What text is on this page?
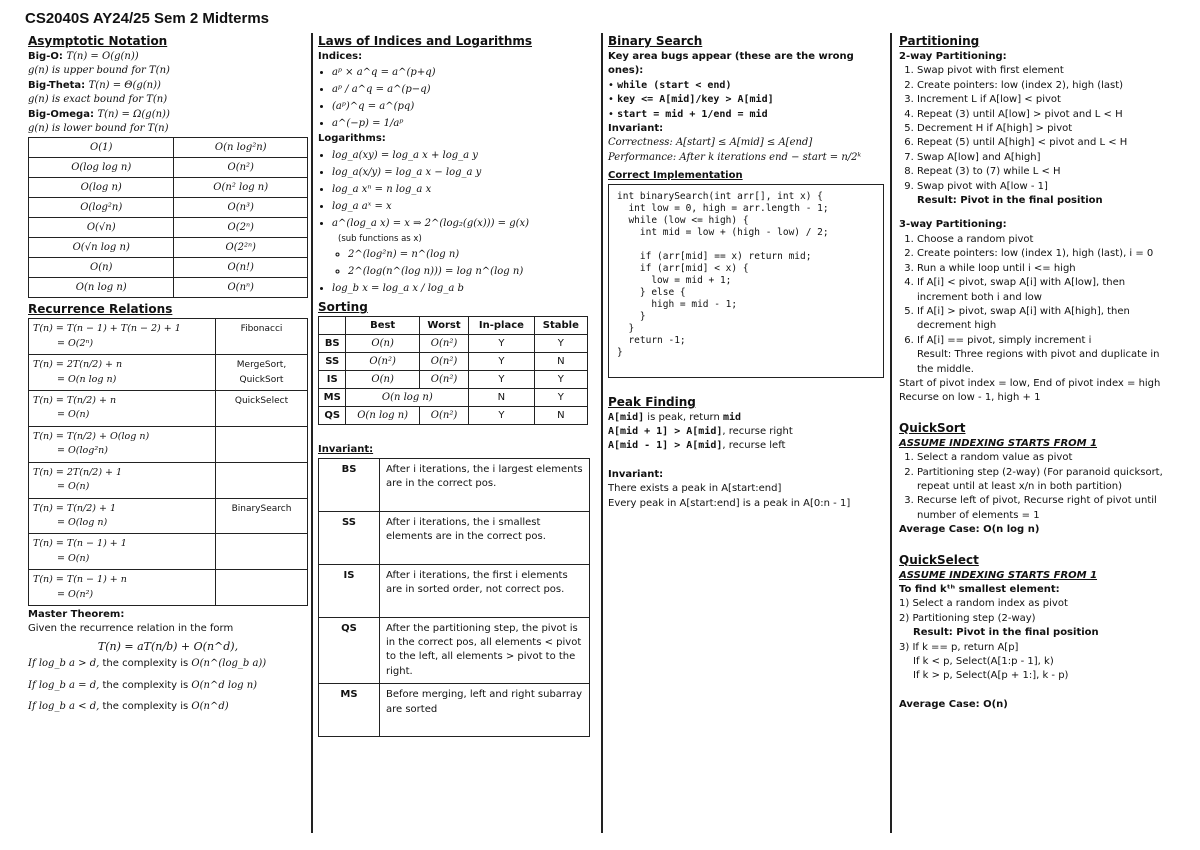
CS2040S AY24/25 Sem 2 Midterms
Asymptotic Notation
Big-O: T(n) = O(g(n))
g(n) is upper bound for T(n)
Big-Theta: T(n) = Θ(g(n))
g(n) is exact bound for T(n)
Big-Omega: T(n) = Ω(g(n))
g(n) is lower bound for T(n)
O(1)	O(n log²n)
O(log log n)	O(n²)
O(log n)	O(n² log n)
O(log²n)	O(n³)
O(√n)	O(2ⁿ)
O(√n log n)	O(2²ⁿ)
O(n)	O(n!)
O(n log n)	O(nⁿ)
Recurrence Relations
T(n) = T(n − 1) + T(n − 2) + 1
= O(2ⁿ)	Fibonacci

T(n) = 2T(n/2) + n
= O(n log n)	MergeSort, QuickSort

T(n) = T(n/2) + n
= O(n)	QuickSelect

T(n) = T(n/2) + O(log n)
= O(log²n)	

T(n) = 2T(n/2) + 1
= O(n)	

T(n) = T(n/2) + 1
= O(log n)	BinarySearch

T(n) = T(n − 1) + 1
= O(n)	

T(n) = T(n − 1) + n
= O(n²)	

Master Theorem:
Given the recurrence relation in the form
T(n) = aT(n/b) + O(n^d),
If log_b a > d, the complexity is O(n^(log_b a))
If log_b a = d, the complexity is O(n^d log n)
If log_b a < d, the complexity is O(n^d)
Laws of Indices and Logarithms
Indices:
• aᵖ × a^q = a^(p+q)
• aᵖ / a^q = a^(p−q)
• (aᵖ)^q = a^(pq)
• a^(−p) = 1/aᵖ
Logarithms:
• log_a(xy) = log_a x + log_a y
• log_a(x/y) = log_a x − log_a y
• log_a xⁿ = n log_a x
• log_a aˣ = x
• a^(log_a x) = x ⇒ 2^(log₂(g(x))) = g(x)
(sub functions as x)
◦ 2^(log²n) = n^(log n)
◦ 2^(log(n^(log n))) = log n^(log n)
• log_b x = log_a x / log_a b
Sorting
	Best	Worst	In-place	Stable
BS	O(n)	O(n²)	Y	Y
SS	O(n²)	O(n²)	Y	N
IS	O(n)	O(n²)	Y	Y
MS	O(n log n)		N	Y
QS	O(n log n)	O(n²)	Y	N
Invariant:
BS	After i iterations, the i largest elements are in the correct pos.
SS	After i iterations, the i smallest elements are in the correct pos.
IS	After i iterations, the first i elements are in sorted order, not correct pos.
QS	After the partitioning step, the pivot is in the correct pos, all elements < pivot to the left, all elements > pivot to the right.
MS	Before merging, left and right subarray are sorted
Binary Search
Key area bugs appear (these are the wrong ones):
• while (start < end)
• key <= A[mid]/key > A[mid]
• start = mid + 1/end = mid
Invariant:
Correctness: A[start] ≤ A[mid] ≤ A[end]
Performance: After k iterations end − start = n/2ᵏ
Correct Implementation
int binarySearch(int arr[], int x) {
int low = 0, high = arr.length - 1;
while (low <= high) {
int mid = low + (high - low) / 2;

if (arr[mid] == x) return mid;
if (arr[mid] < x) {
low = mid + 1;
} else {
high = mid - 1;
}
}
return -1;
}
Peak Finding
A[mid] is peak, return mid
A[mid + 1] > A[mid], recurse right
A[mid - 1] > A[mid], recurse left
Invariant:
There exists a peak in A[start:end]
Every peak in A[start:end] is a peak in A[0:n - 1]
Partitioning
2-way Partitioning:
1. Swap pivot with first element
2. Create pointers: low (index 2), high (last)
3. Increment L if A[low] < pivot
4. Repeat (3) until A[low] > pivot and L < H
5. Decrement H if A[high] > pivot
6. Repeat (5) until A[high] < pivot and L < H
7. Swap A[low] and A[high]
8. Repeat (3) to (7) while L < H
9. Swap pivot with A[low - 1]
Result: Pivot in the final position
3-way Partitioning:
1. Choose a random pivot
2. Create pointers: low (index 1), high (last), i = 0
3. Run a while loop until i <= high
4. If A[i] < pivot, swap A[i] with A[low], then increment both i and low
5. If A[i] > pivot, swap A[i] with A[high], then decrement high
6. If A[i] == pivot, simply increment i
Result: Three regions with pivot and duplicate in the middle.
Start of pivot index = low, End of pivot index = high
Recurse on low - 1, high + 1
QuickSort
ASSUME INDEXING STARTS FROM 1
1. Select a random value as pivot
2. Partitioning step (2-way) (For paranoid quicksort, repeat until at least x/n in both partition)
3. Recurse left of pivot, Recurse right of pivot until number of elements = 1
Average Case: O(n log n)
QuickSelect
ASSUME INDEXING STARTS FROM 1
To find kᵗʰ smallest element:
1) Select a random index as pivot
2) Partitioning step (2-way)
Result: Pivot in the final position
3) If k == p, return A[p]
If k < p, Select(A[1:p - 1], k)
If k > p, Select(A[p + 1:], k - p)
Average Case: O(n)
